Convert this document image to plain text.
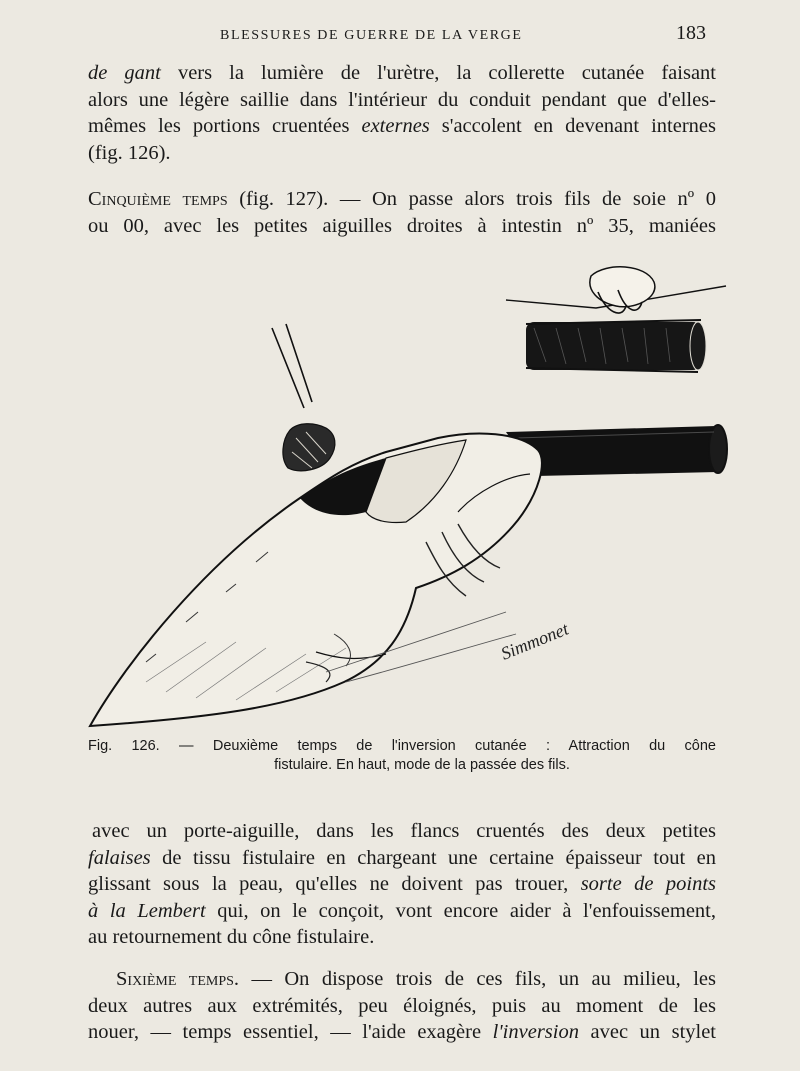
BLESSURES DE GUERRE DE LA VERGE	183

de gant vers la lumière de l'urètre, la collerette cutanée faisant
alors une légère saillie dans l'intérieur du conduit pendant que d'elles-
mêmes les portions cruentées externes s'accolent en devenant internes
(fig. 126).

Cinquième temps (fig. 127). — On passe alors trois fils de soie nº 0
ou 00, avec les petites aiguilles droites à intestin nº 35, maniées

Simmonet
Fig. 126. — Deuxième temps de l'inversion cutanée : Attraction du cône
fistulaire. En haut, mode de la passée des fils.

avec un porte-aiguille, dans les flancs cruentés des deux petites
falaises de tissu fistulaire en chargeant une certaine épaisseur tout en
glissant sous la peau, qu'elles ne doivent pas trouer, sorte de points
à la Lembert qui, on le conçoit, vont encore aider à l'enfouissement,
au retournement du cône fistulaire.

Sixième temps. — On dispose trois de ces fils, un au milieu, les
deux autres aux extrémités, peu éloignés, puis au moment de les
nouer, — temps essentiel, — l'aide exagère l'inversion avec un stylet
